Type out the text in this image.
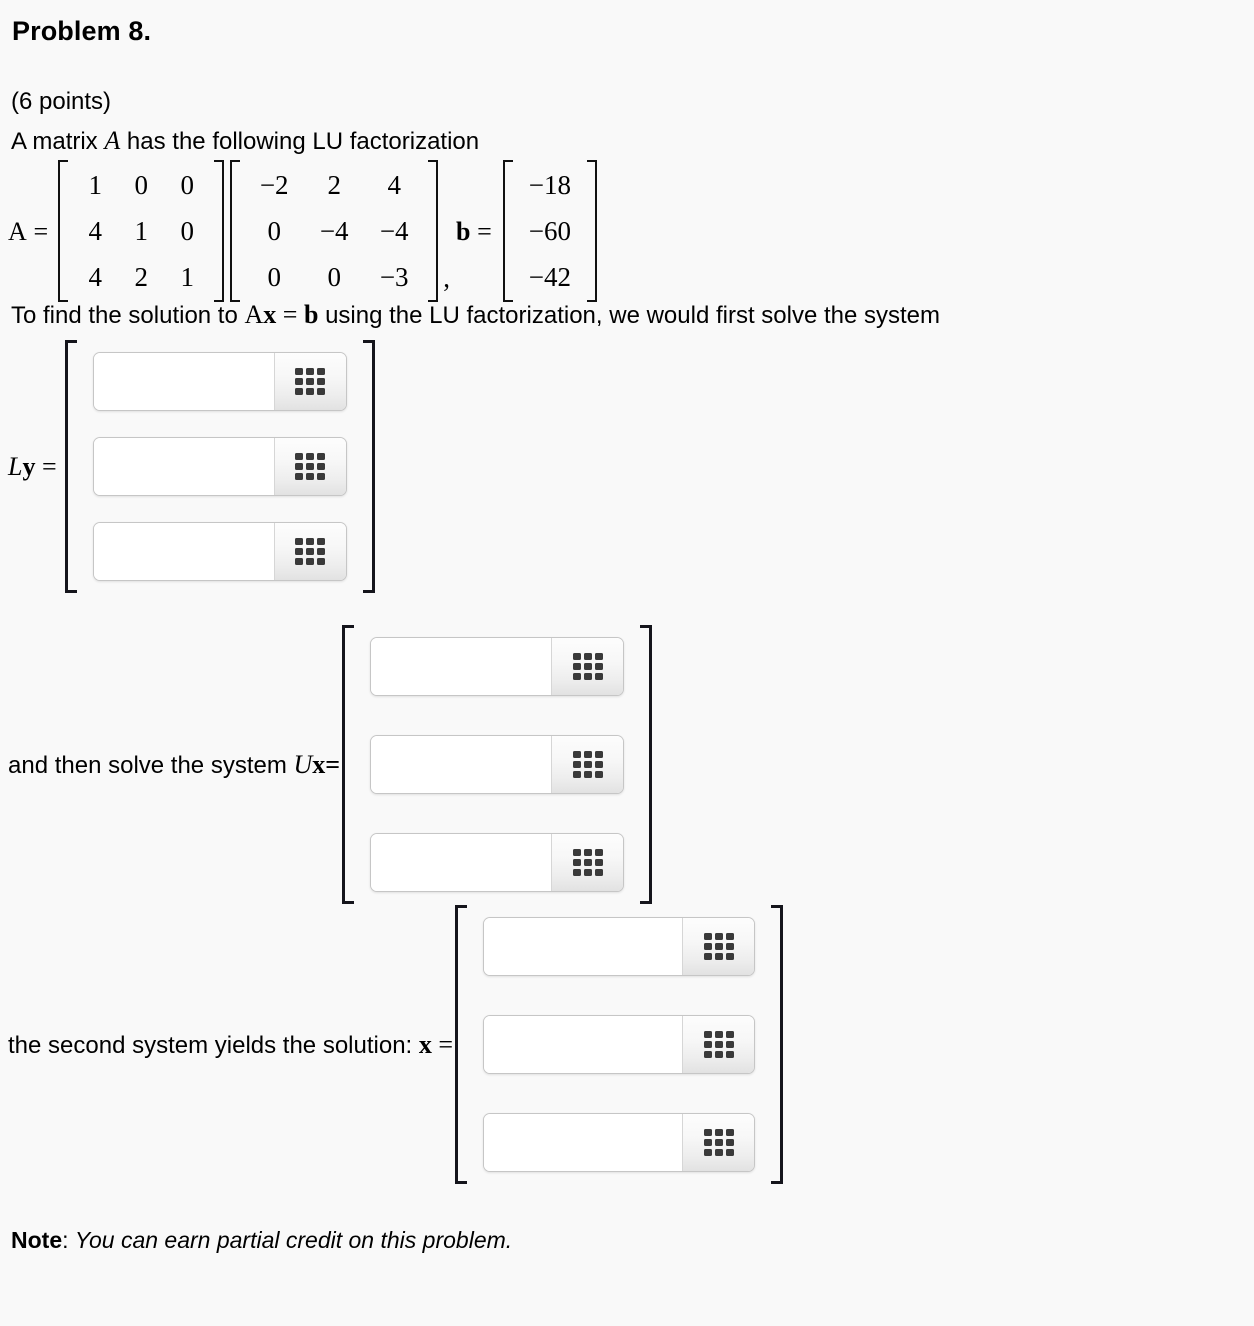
Problem 8.
(6 points)
A matrix A has the following LU factorization
A =
1	0	0
4	1	0
4	2	1
−2	2	4
0	−4	−4
0	0	−3	,
b =
−18
−60
−42
To find the solution to Ax = b using the LU factorization, we would first solve the system
Ly =
and then solve the system Ux=
the second system yields the solution: x =
Note: You can earn partial credit on this problem.
